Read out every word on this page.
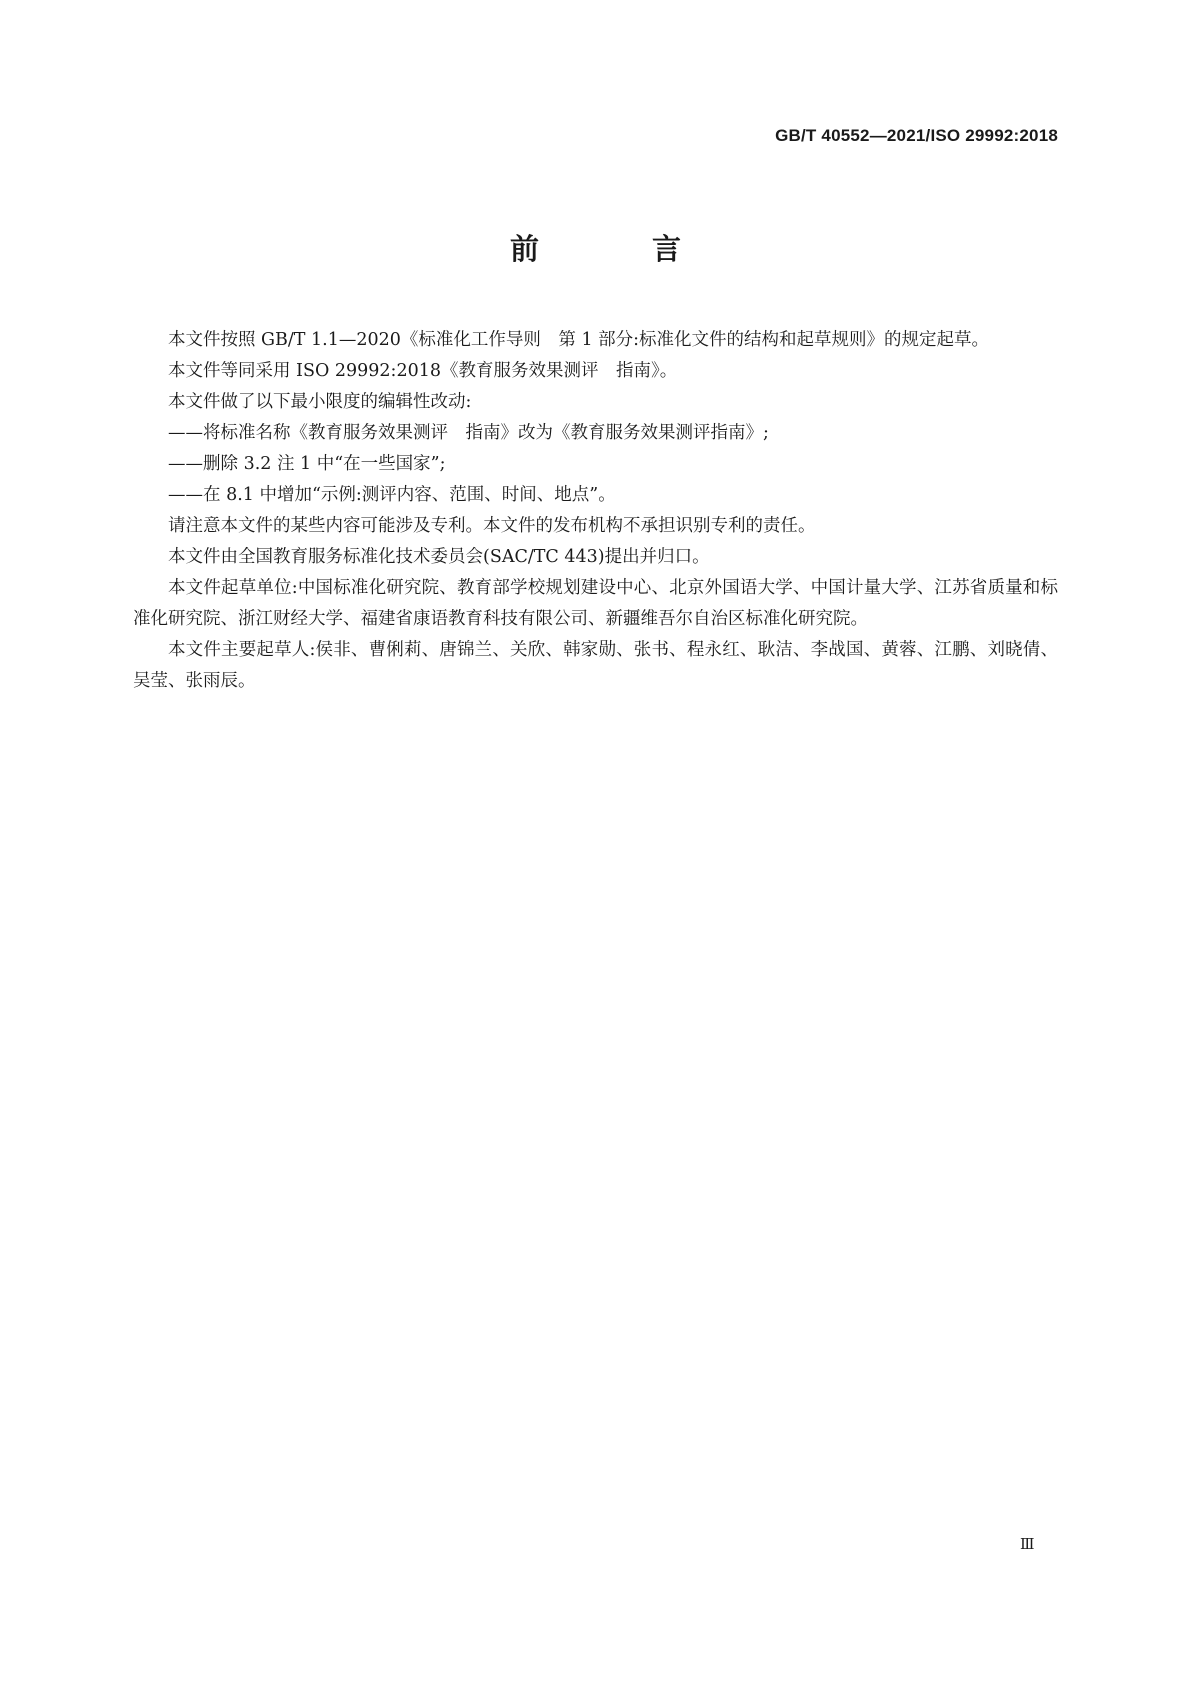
GB/T 40552—2021/ISO 29992:2018
前　言

本文件按照 GB/T 1.1—2020《标准化工作导则　第 1 部分:标准化文件的结构和起草规则》的规定起草。

本文件等同采用 ISO 29992:2018《教育服务效果测评　指南》。

本文件做了以下最小限度的编辑性改动:

——将标准名称《教育服务效果测评　指南》改为《教育服务效果测评指南》;

——删除 3.2 注 1 中“在一些国家”;

——在 8.1 中增加“示例:测评内容、范围、时间、地点”。

请注意本文件的某些内容可能涉及专利。本文件的发布机构不承担识别专利的责任。

本文件由全国教育服务标准化技术委员会(SAC/TC 443)提出并归口。

本文件起草单位:中国标准化研究院、教育部学校规划建设中心、北京外国语大学、中国计量大学、江苏省质量和标准化研究院、浙江财经大学、福建省康语教育科技有限公司、新疆维吾尔自治区标准化研究院。

本文件主要起草人:侯非、曹俐莉、唐锦兰、关欣、韩家勋、张书、程永红、耿洁、李战国、黄蓉、江鹏、刘晓倩、吴莹、张雨辰。

Ⅲ
